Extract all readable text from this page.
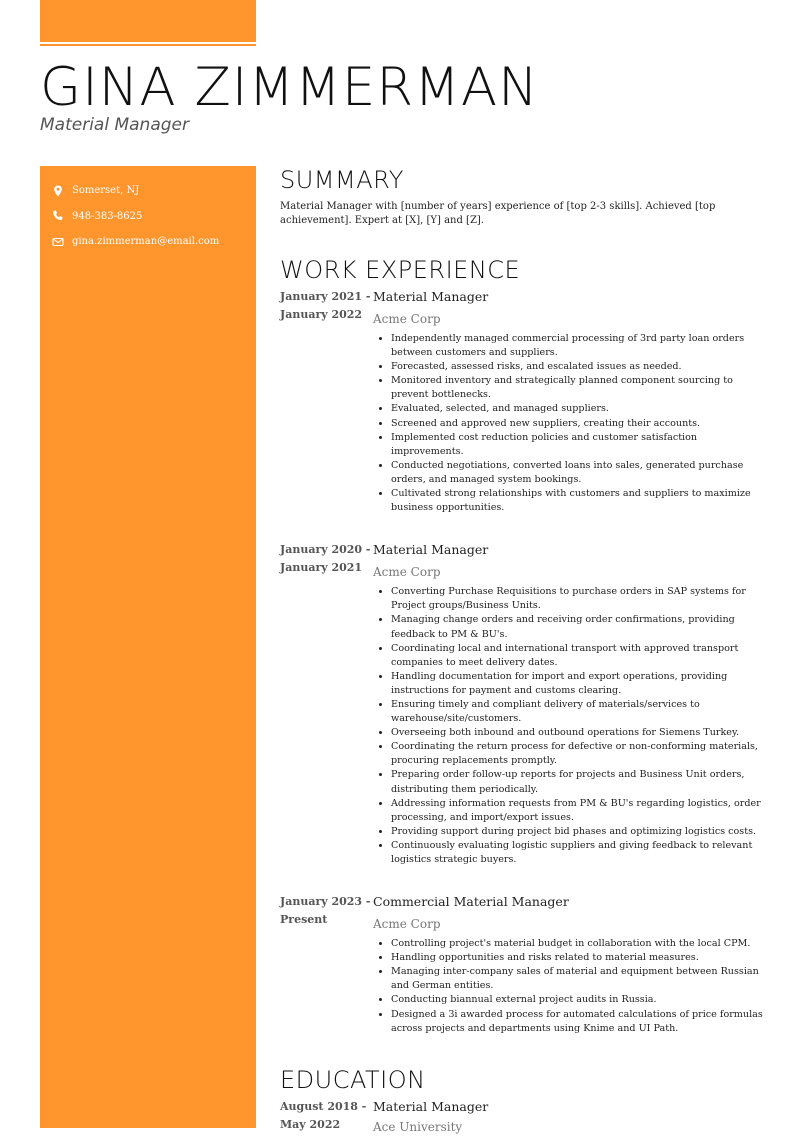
GINA ZIMMERMAN
Material Manager
Somerset, NJ
948-383-8625
gina.zimmerman@email.com
SUMMARY

Material Manager with [number of years] experience of [top 2-3 skills]. Achieved [top achievement]. Expert at [X], [Y] and [Z].

WORK EXPERIENCE
January 2021 - January 2022
Material Manager
Acme Corp
• Independently managed commercial processing of 3rd party loan orders between customers and suppliers.
• Forecasted, assessed risks, and escalated issues as needed.
• Monitored inventory and strategically planned component sourcing to prevent bottlenecks.
• Evaluated, selected, and managed suppliers.
• Screened and approved new suppliers, creating their accounts.
• Implemented cost reduction policies and customer satisfaction improvements.
• Conducted negotiations, converted loans into sales, generated purchase orders, and managed system bookings.
• Cultivated strong relationships with customers and suppliers to maximize business opportunities.
January 2020 - January 2021
Material Manager
Acme Corp
• Converting Purchase Requisitions to purchase orders in SAP systems for Project groups/Business Units.
• Managing change orders and receiving order confirmations, providing feedback to PM & BU's.
• Coordinating local and international transport with approved transport companies to meet delivery dates.
• Handling documentation for import and export operations, providing instructions for payment and customs clearing.
• Ensuring timely and compliant delivery of materials/services to warehouse/site/customers.
• Overseeing both inbound and outbound operations for Siemens Turkey.
• Coordinating the return process for defective or non-conforming materials, procuring replacements promptly.
• Preparing order follow-up reports for projects and Business Unit orders, distributing them periodically.
• Addressing information requests from PM & BU's regarding logistics, order processing, and import/export issues.
• Providing support during project bid phases and optimizing logistics costs.
• Continuously evaluating logistic suppliers and giving feedback to relevant logistics strategic buyers.
January 2023 - Present
Commercial Material Manager
Acme Corp
• Controlling project's material budget in collaboration with the local CPM.
• Handling opportunities and risks related to material measures.
• Managing inter-company sales of material and equipment between Russian and German entities.
• Conducting biannual external project audits in Russia.
• Designed a 3i awarded process for automated calculations of price formulas across projects and departments using Knime and UI Path.
EDUCATION
August 2018 - May 2022
Material Manager
Ace University
